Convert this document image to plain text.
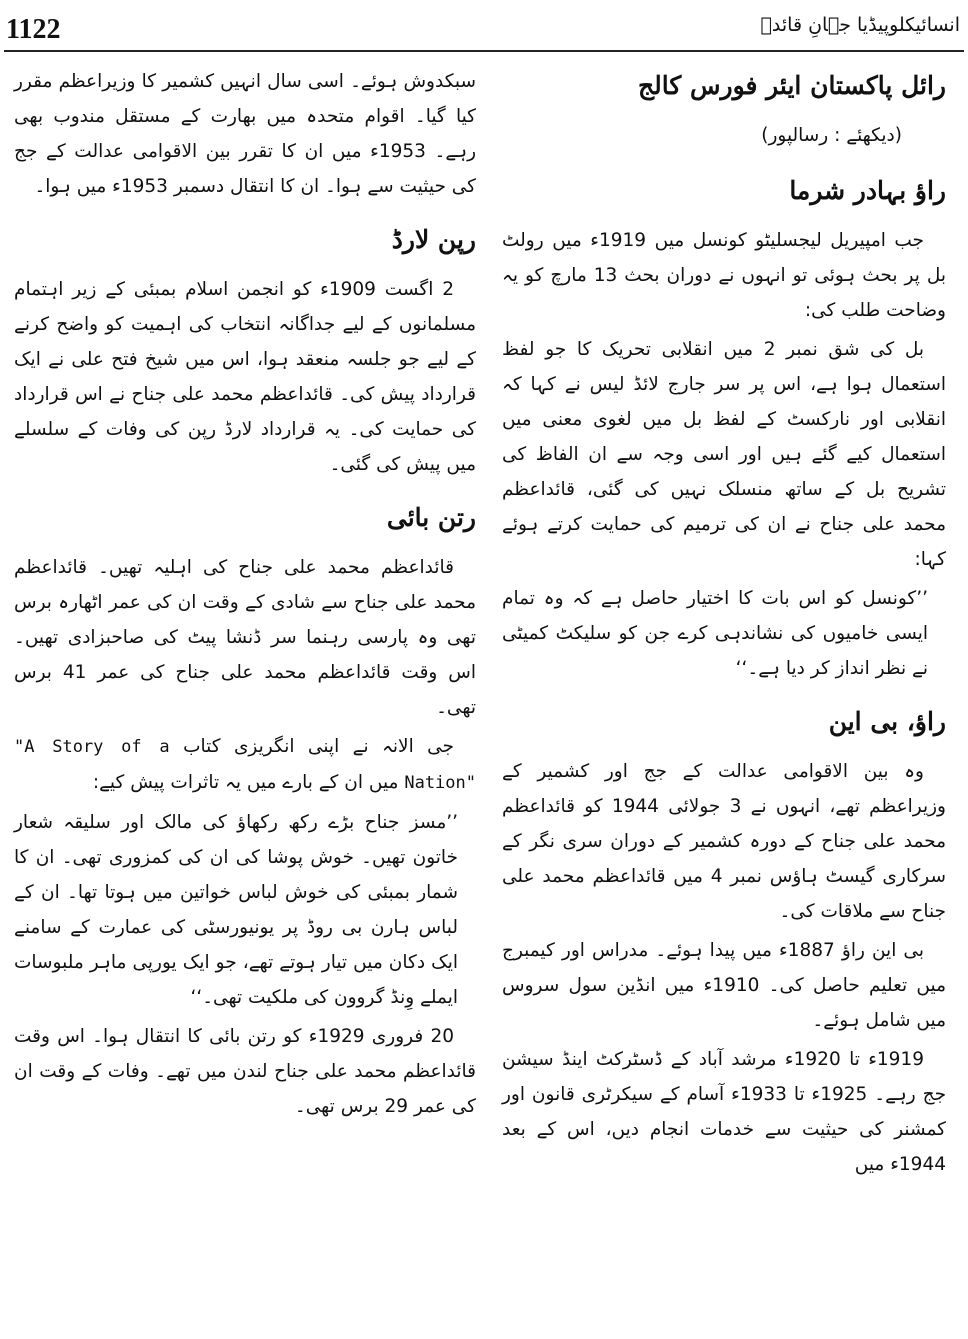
1122	انسائیکلوپیڈیا جہانِ قائدؒ
رائل پاکستان ایئر فورس کالج

(دیکھئے : رسالپور)

راؤ بہادر شرما

جب امپیریل لیجسلیٹو کونسل میں 1919ء میں رولٹ بل پر بحث ہوئی تو انہوں نے دوران بحث 13 مارچ کو یہ وضاحت طلب کی:

بل کی شق نمبر 2 میں انقلابی تحریک کا جو لفظ استعمال ہوا ہے، اس پر سر جارج لائڈ لیس نے کہا کہ انقلابی اور نارکسٹ کے لفظ بل میں لغوی معنی میں استعمال کیے گئے ہیں اور اسی وجہ سے ان الفاظ کی تشریح بل کے ساتھ منسلک نہیں کی گئی، قائداعظم محمد علی جناح نے ان کی ترمیم کی حمایت کرتے ہوئے کہا:

’’کونسل کو اس بات کا اختیار حاصل ہے کہ وہ تمام ایسی خامیوں کی نشاندہی کرے جن کو سلیکٹ کمیٹی نے نظر انداز کر دیا ہے۔‘‘

راؤ، بی این

وہ بین الاقوامی عدالت کے جج اور کشمیر کے وزیراعظم تھے، انہوں نے 3 جولائی 1944 کو قائداعظم محمد علی جناح کے دورہ کشمیر کے دوران سری نگر کے سرکاری گیسٹ ہاؤس نمبر 4 میں قائداعظم محمد علی جناح سے ملاقات کی۔

بی این راؤ 1887ء میں پیدا ہوئے۔ مدراس اور کیمبرج میں تعلیم حاصل کی۔ 1910ء میں انڈین سول سروس میں شامل ہوئے۔

1919ء تا 1920ء مرشد آباد کے ڈسٹرکٹ اینڈ سیشن جج رہے۔ 1925ء تا 1933ء آسام کے سیکرٹری قانون اور کمشنر کی حیثیت سے خدمات انجام دیں، اس کے بعد 1944ء میں

سبکدوش ہوئے۔ اسی سال انہیں کشمیر کا وزیراعظم مقرر کیا گیا۔ اقوام متحدہ میں بھارت کے مستقل مندوب بھی رہے۔ 1953ء میں ان کا تقرر بین الاقوامی عدالت کے جج کی حیثیت سے ہوا۔ ان کا انتقال دسمبر 1953ء میں ہوا۔

رپن لارڈ

2 اگست 1909ء کو انجمن اسلام بمبئی کے زیر اہتمام مسلمانوں کے لیے جداگانہ انتخاب کی اہمیت کو واضح کرنے کے لیے جو جلسہ منعقد ہوا، اس میں شیخ فتح علی نے ایک قرارداد پیش کی۔ قائداعظم محمد علی جناح نے اس قرارداد کی حمایت کی۔ یہ قرارداد لارڈ رپن کی وفات کے سلسلے میں پیش کی گئی۔

رتن بائی

قائداعظم محمد علی جناح کی اہلیہ تھیں۔ قائداعظم محمد علی جناح سے شادی کے وقت ان کی عمر اٹھارہ برس تھی وہ پارسی رہنما سر ڈنشا پیٹ کی صاحبزادی تھیں۔ اس وقت قائداعظم محمد علی جناح کی عمر 41 برس تھی۔

جی الانہ نے اپنی انگریزی کتاب "A Story of a Nation" میں ان کے بارے میں یہ تاثرات پیش کیے:

’’مسز جناح بڑے رکھ رکھاؤ کی مالک اور سلیقہ شعار خاتون تھیں۔ خوش پوشا کی ان کی کمزوری تھی۔ ان کا شمار بمبئی کی خوش لباس خواتین میں ہوتا تھا۔ ان کے لباس ہارن بی روڈ پر یونیورسٹی کی عمارت کے سامنے ایک دکان میں تیار ہوتے تھے، جو ایک یورپی ماہر ملبوسات ایملے وِنڈ گروون کی ملکیت تھی۔‘‘

20 فروری 1929ء کو رتن بائی کا انتقال ہوا۔ اس وقت قائداعظم محمد علی جناح لندن میں تھے۔ وفات کے وقت ان کی عمر 29 برس تھی۔
